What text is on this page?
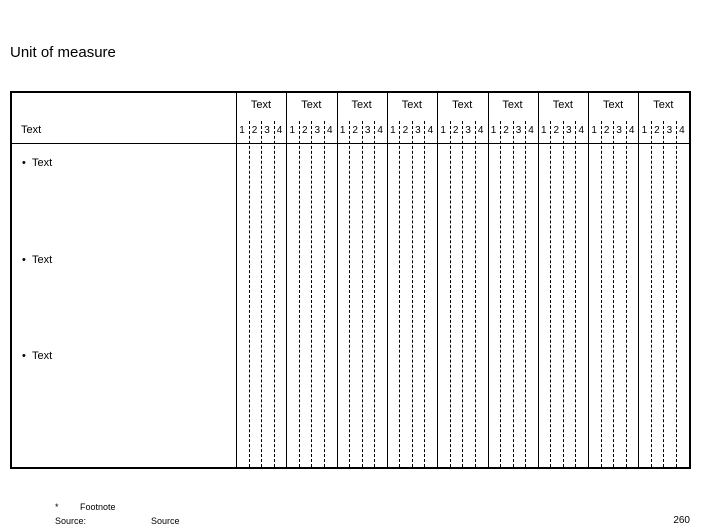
Unit of measure
Text
• Text
• Text
• Text
Text
1 2 3 4
Text
1 2 3 4
Text
1 2 3 4
Text
1 2 3 4
Text
1 2 3 4
Text
1 2 3 4
Text
1 2 3 4
Text
1 2 3 4
Text
1 2 3 4
* Footnote
Source:	Source	260
